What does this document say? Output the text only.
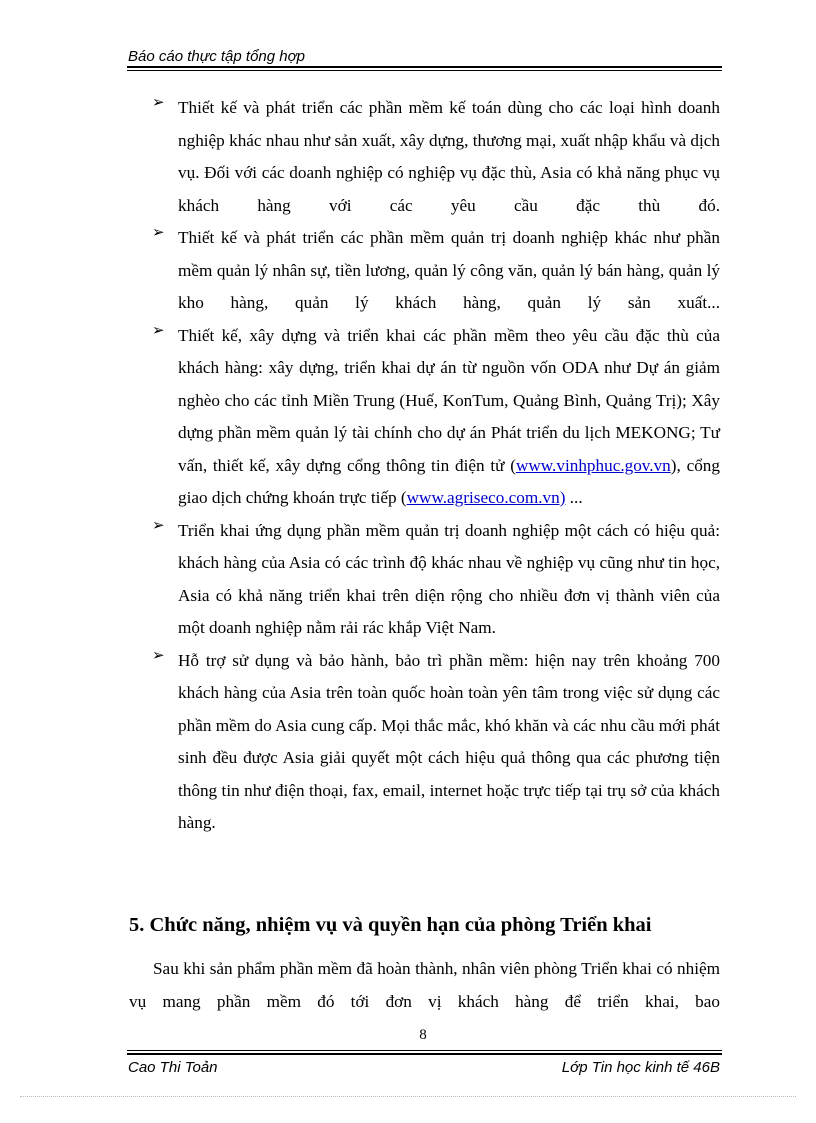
Báo cáo thực tập tổng hợp
➢ Thiết kế và phát triển các phần mềm kế toán dùng cho các loại hình doanh nghiệp khác nhau như sản xuất, xây dựng, thương mại, xuất nhập khẩu và dịch vụ. Đối với các doanh nghiệp có nghiệp vụ đặc thù, Asia có khả năng phục vụ khách hàng với các yêu cầu đặc thù đó.
➢ Thiết kế và phát triển các phần mềm quản trị doanh nghiệp khác như phần mềm quản lý nhân sự, tiền lương, quản lý công văn, quản lý bán hàng, quản lý kho hàng, quản lý khách hàng, quản lý sản xuất...
➢ Thiết kế, xây dựng và triển khai các phần mềm theo yêu cầu đặc thù của khách hàng: xây dựng, triển khai dự án từ nguồn vốn ODA như Dự án giảm nghèo cho các tỉnh Miền Trung (Huế, KonTum, Quảng Bình, Quảng Trị); Xây dựng phần mềm quản lý tài chính cho dự án Phát triển du lịch MEKONG; Tư vấn, thiết kế, xây dựng cổng thông tin điện tử (www.vinhphuc.gov.vn), cổng giao dịch chứng khoán trực tiếp (www.agriseco.com.vn) ...
➢ Triển khai ứng dụng phần mềm quản trị doanh nghiệp một cách có hiệu quả: khách hàng của Asia có các trình độ khác nhau về nghiệp vụ cũng như tin học, Asia có khả năng triển khai trên diện rộng cho nhiều đơn vị thành viên của một doanh nghiệp nằm rải rác khắp Việt Nam.
➢ Hỗ trợ sử dụng và bảo hành, bảo trì phần mềm: hiện nay trên khoảng 700 khách hàng của Asia trên toàn quốc hoàn toàn yên tâm trong việc sử dụng các phần mềm do Asia cung cấp. Mọi thắc mắc, khó khăn và các nhu cầu mới phát sinh đều được Asia giải quyết một cách hiệu quả thông qua các phương tiện thông tin như điện thoại, fax, email, internet hoặc trực tiếp tại trụ sở của khách hàng.
5. Chức năng, nhiệm vụ và quyền hạn của phòng Triển khai

Sau khi sản phẩm phần mềm đã hoàn thành, nhân viên phòng Triển khai có nhiệm vụ mang phần mềm đó tới đơn vị khách hàng để triển khai, bao

8
Cao Thi Toản	Lớp Tin học kinh tế 46B
